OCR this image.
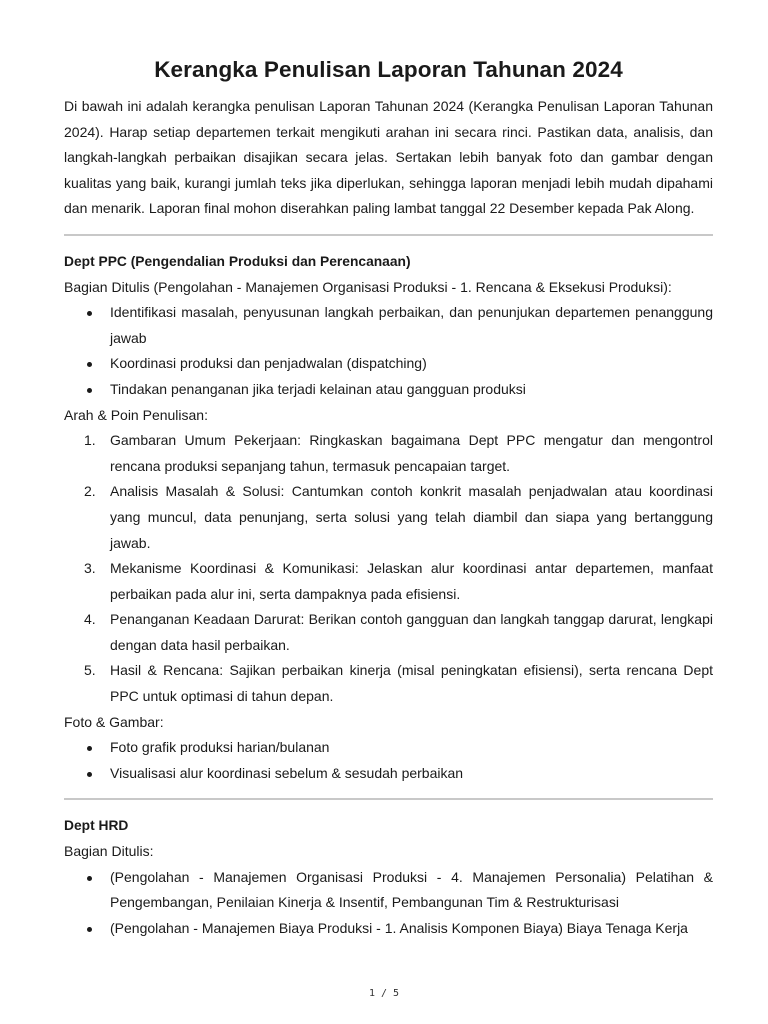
Kerangka Penulisan Laporan Tahunan 2024

Di bawah ini adalah kerangka penulisan Laporan Tahunan 2024 (Kerangka Penulisan Laporan Tahunan 2024). Harap setiap departemen terkait mengikuti arahan ini secara rinci. Pastikan data, analisis, dan langkah-langkah perbaikan disajikan secara jelas. Sertakan lebih banyak foto dan gambar dengan kualitas yang baik, kurangi jumlah teks jika diperlukan, sehingga laporan menjadi lebih mudah dipahami dan menarik. Laporan final mohon diserahkan paling lambat tanggal 22 Desember kepada Pak Along.

Dept PPC (Pengendalian Produksi dan Perencanaan)

Bagian Ditulis (Pengolahan - Manajemen Organisasi Produksi - 1. Rencana & Eksekusi Produksi):

Identifikasi masalah, penyusunan langkah perbaikan, dan penunjukan departemen penanggung jawab
Koordinasi produksi dan penjadwalan (dispatching)
Tindakan penanganan jika terjadi kelainan atau gangguan produksi

Arah & Poin Penulisan:

1. Gambaran Umum Pekerjaan: Ringkaskan bagaimana Dept PPC mengatur dan mengontrol rencana produksi sepanjang tahun, termasuk pencapaian target.
2. Analisis Masalah & Solusi: Cantumkan contoh konkrit masalah penjadwalan atau koordinasi yang muncul, data penunjang, serta solusi yang telah diambil dan siapa yang bertanggung jawab.
3. Mekanisme Koordinasi & Komunikasi: Jelaskan alur koordinasi antar departemen, manfaat perbaikan pada alur ini, serta dampaknya pada efisiensi.
4. Penanganan Keadaan Darurat: Berikan contoh gangguan dan langkah tanggap darurat, lengkapi dengan data hasil perbaikan.
5. Hasil & Rencana: Sajikan perbaikan kinerja (misal peningkatan efisiensi), serta rencana Dept PPC untuk optimasi di tahun depan.

Foto & Gambar:

Foto grafik produksi harian/bulanan
Visualisasi alur koordinasi sebelum & sesudah perbaikan

Dept HRD

Bagian Ditulis:

(Pengolahan - Manajemen Organisasi Produksi - 4. Manajemen Personalia) Pelatihan & Pengembangan, Penilaian Kinerja & Insentif, Pembangunan Tim & Restrukturisasi
(Pengolahan - Manajemen Biaya Produksi - 1. Analisis Komponen Biaya) Biaya Tenaga Kerja
1 / 5
